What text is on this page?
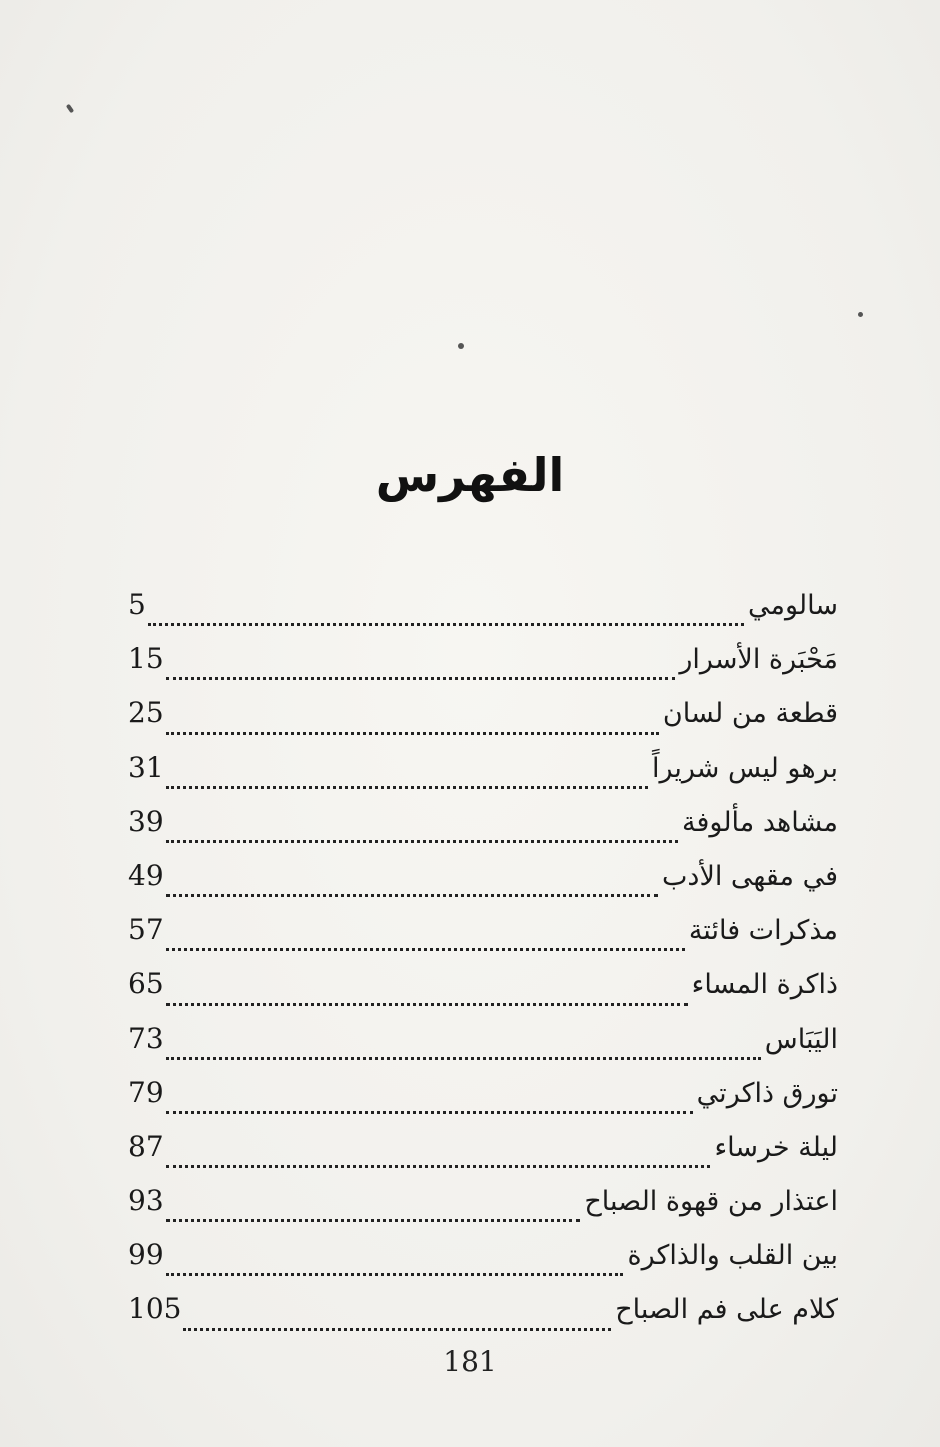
الفهرس
سالومي
5
مَحْبَرة الأسرار
15
قطعة من لسان
25
برهو ليس شريراً
31
مشاهد مألوفة
39
في مقهى الأدب
49
مذكرات فائتة
57
ذاكرة المساء
65
اليَبَاس
73
تورق ذاكرتي
79
ليلة خرساء
87
اعتذار من قهوة الصباح
93
بين القلب والذاكرة
99
كلام على فم الصباح
105
181
